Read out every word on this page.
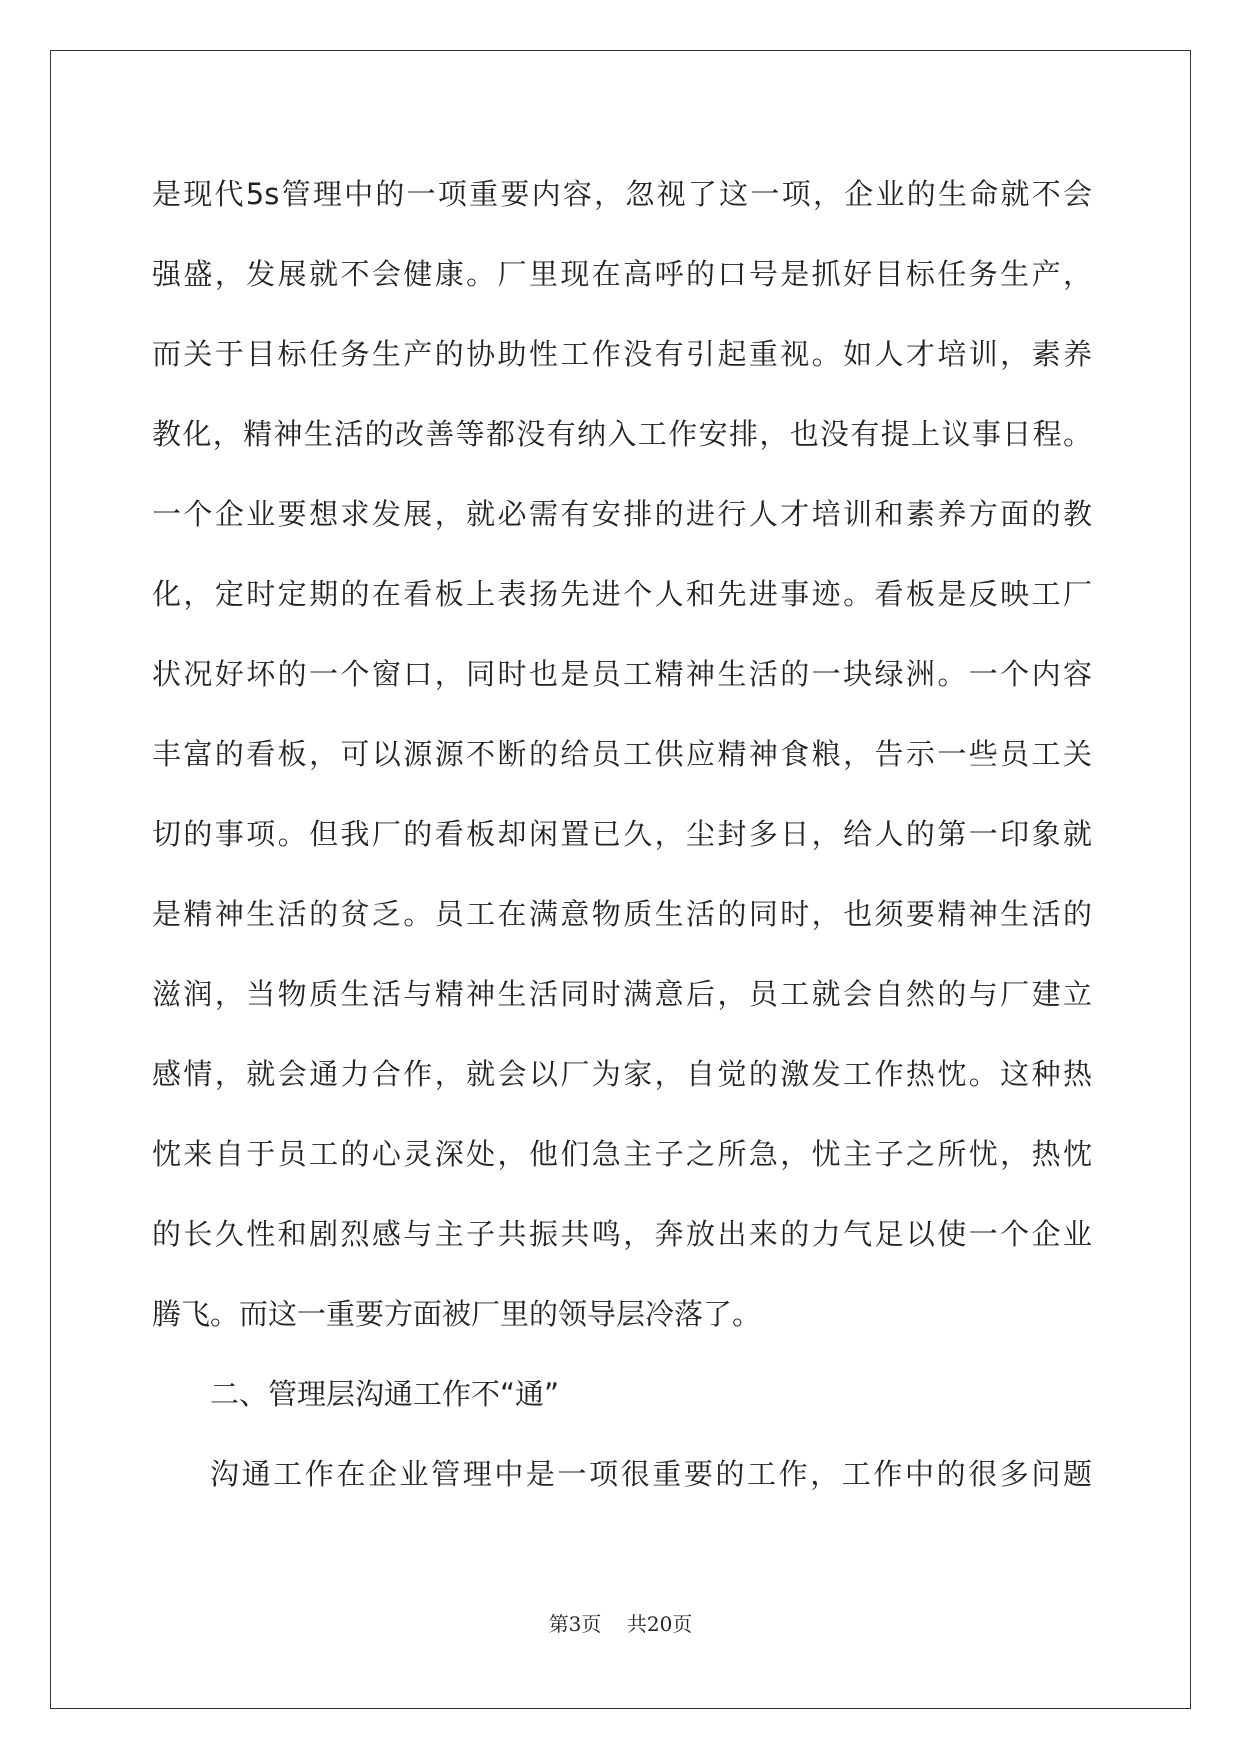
是现代5s管理中的一项重要内容，忽视了这一项，企业的生命就不会
强盛，发展就不会健康。厂里现在高呼的口号是抓好目标任务生产，
而关于目标任务生产的协助性工作没有引起重视。如人才培训，素养
教化，精神生活的改善等都没有纳入工作安排，也没有提上议事日程。
一个企业要想求发展，就必需有安排的进行人才培训和素养方面的教
化，定时定期的在看板上表扬先进个人和先进事迹。看板是反映工厂
状况好坏的一个窗口，同时也是员工精神生活的一块绿洲。一个内容
丰富的看板，可以源源不断的给员工供应精神食粮，告示一些员工关
切的事项。但我厂的看板却闲置已久，尘封多日，给人的第一印象就
是精神生活的贫乏。员工在满意物质生活的同时，也须要精神生活的
滋润，当物质生活与精神生活同时满意后，员工就会自然的与厂建立
感情，就会通力合作，就会以厂为家，自觉的激发工作热忱。这种热
忱来自于员工的心灵深处，他们急主子之所急，忧主子之所忧，热忱
的长久性和剧烈感与主子共振共鸣，奔放出来的力气足以使一个企业
腾飞。而这一重要方面被厂里的领导层冷落了。
二、管理层沟通工作不“通”
沟通工作在企业管理中是一项很重要的工作，工作中的很多问题
第3页 共20页
